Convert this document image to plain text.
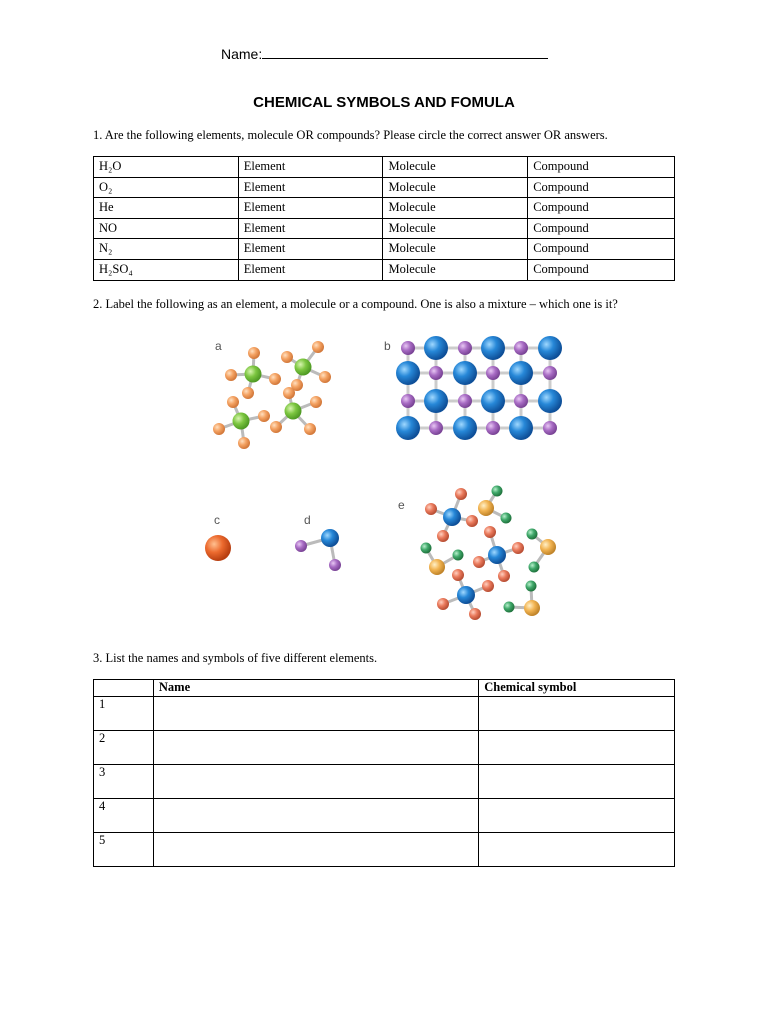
Name:
CHEMICAL SYMBOLS AND FOMULA
1. Are the following elements, molecule OR compounds? Please circle the correct answer OR answers.
H₂O	Element	Molecule	Compound
O₂	Element	Molecule	Compound
He	Element	Molecule	Compound
NO	Element	Molecule	Compound
N₂	Element	Molecule	Compound
H₂SO₄	Element	Molecule	Compound
2. Label the following as an element, a molecule or a compound. One is also a mixture – which one is it?
a	b
c	d
e
3. List the names and symbols of five different elements.
	Name	Chemical symbol
1		
2		
3		
4		
5		
